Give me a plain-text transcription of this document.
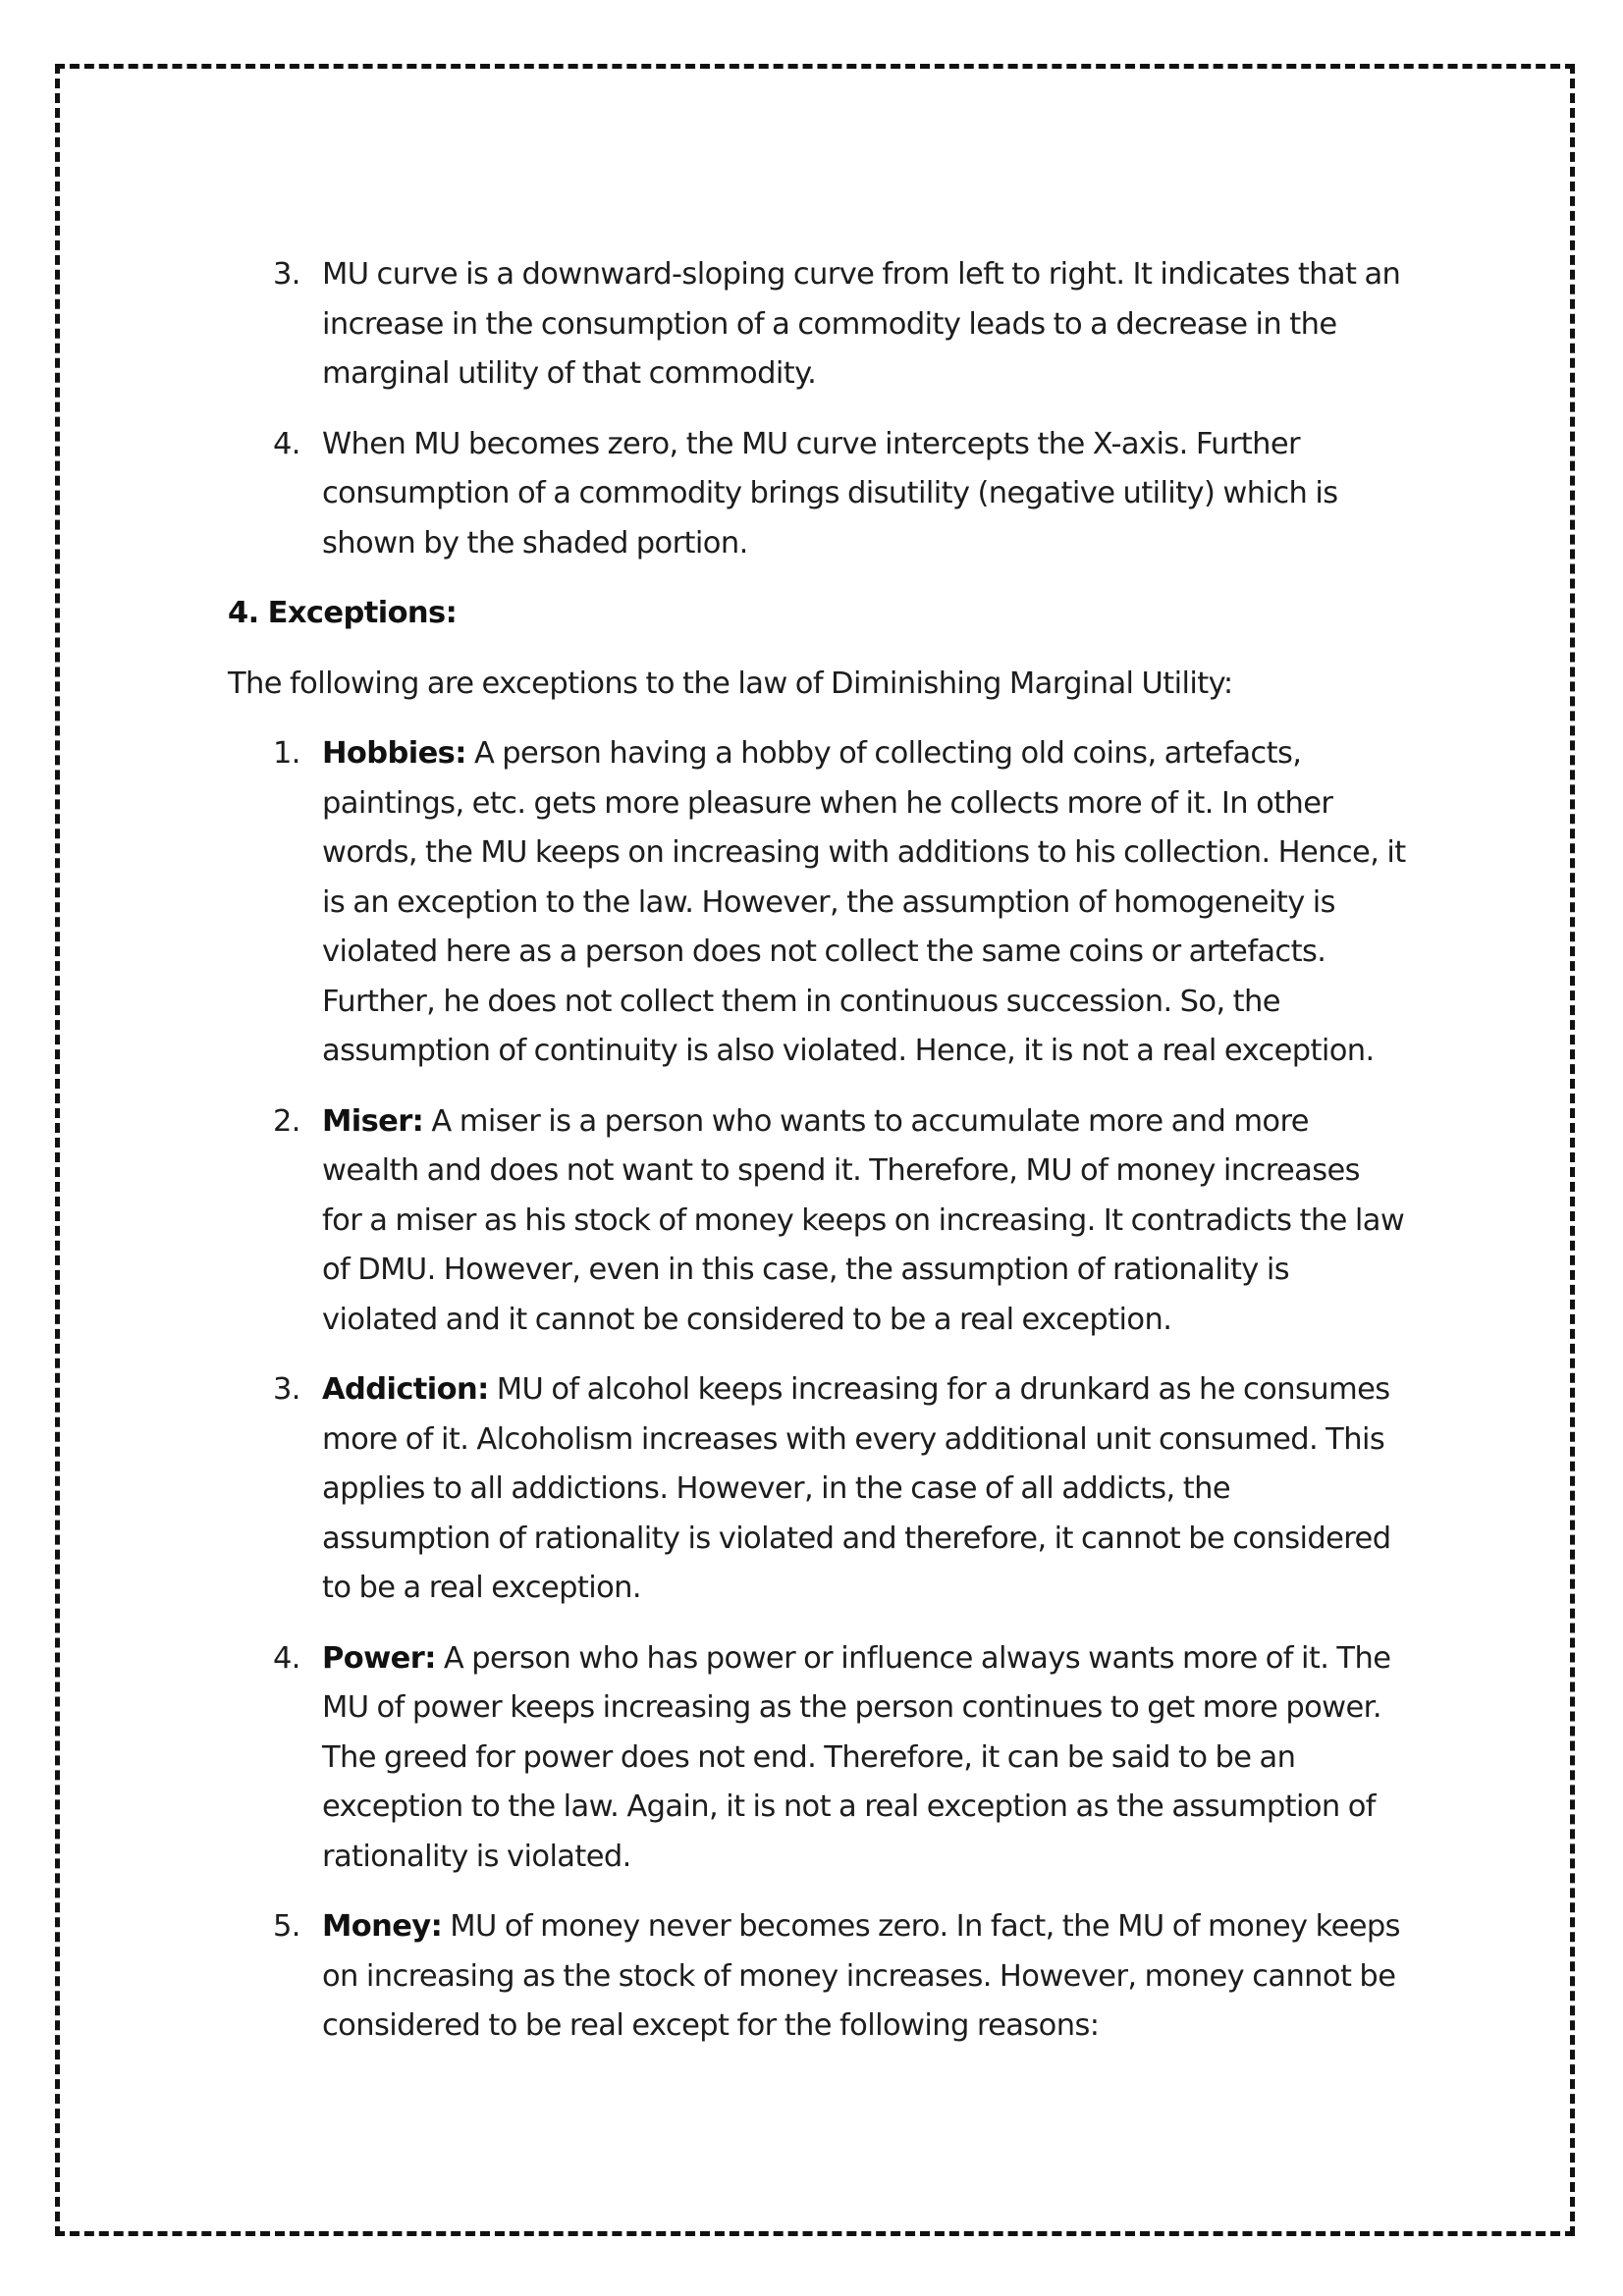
3. MU curve is a downward-sloping curve from left to right. It indicates that an increase in the consumption of a commodity leads to a decrease in the marginal utility of that commodity.
4. When MU becomes zero, the MU curve intercepts the X-axis. Further consumption of a commodity brings disutility (negative utility) which is shown by the shaded portion.
4. Exceptions:

The following are exceptions to the law of Diminishing Marginal Utility:

1. Hobbies: A person having a hobby of collecting old coins, artefacts, paintings, etc. gets more pleasure when he collects more of it. In other words, the MU keeps on increasing with additions to his collection. Hence, it is an exception to the law. However, the assumption of homogeneity is violated here as a person does not collect the same coins or artefacts. Further, he does not collect them in continuous succession. So, the assumption of continuity is also violated. Hence, it is not a real exception.
2. Miser: A miser is a person who wants to accumulate more and more wealth and does not want to spend it. Therefore, MU of money increases for a miser as his stock of money keeps on increasing. It contradicts the law of DMU. However, even in this case, the assumption of rationality is violated and it cannot be considered to be a real exception.
3. Addiction: MU of alcohol keeps increasing for a drunkard as he consumes more of it. Alcoholism increases with every additional unit consumed. This applies to all addictions. However, in the case of all addicts, the assumption of rationality is violated and therefore, it cannot be considered to be a real exception.
4. Power: A person who has power or influence always wants more of it. The MU of power keeps increasing as the person continues to get more power. The greed for power does not end. Therefore, it can be said to be an exception to the law. Again, it is not a real exception as the assumption of rationality is violated.
5. Money: MU of money never becomes zero. In fact, the MU of money keeps on increasing as the stock of money increases. However, money cannot be considered to be real except for the following reasons:
